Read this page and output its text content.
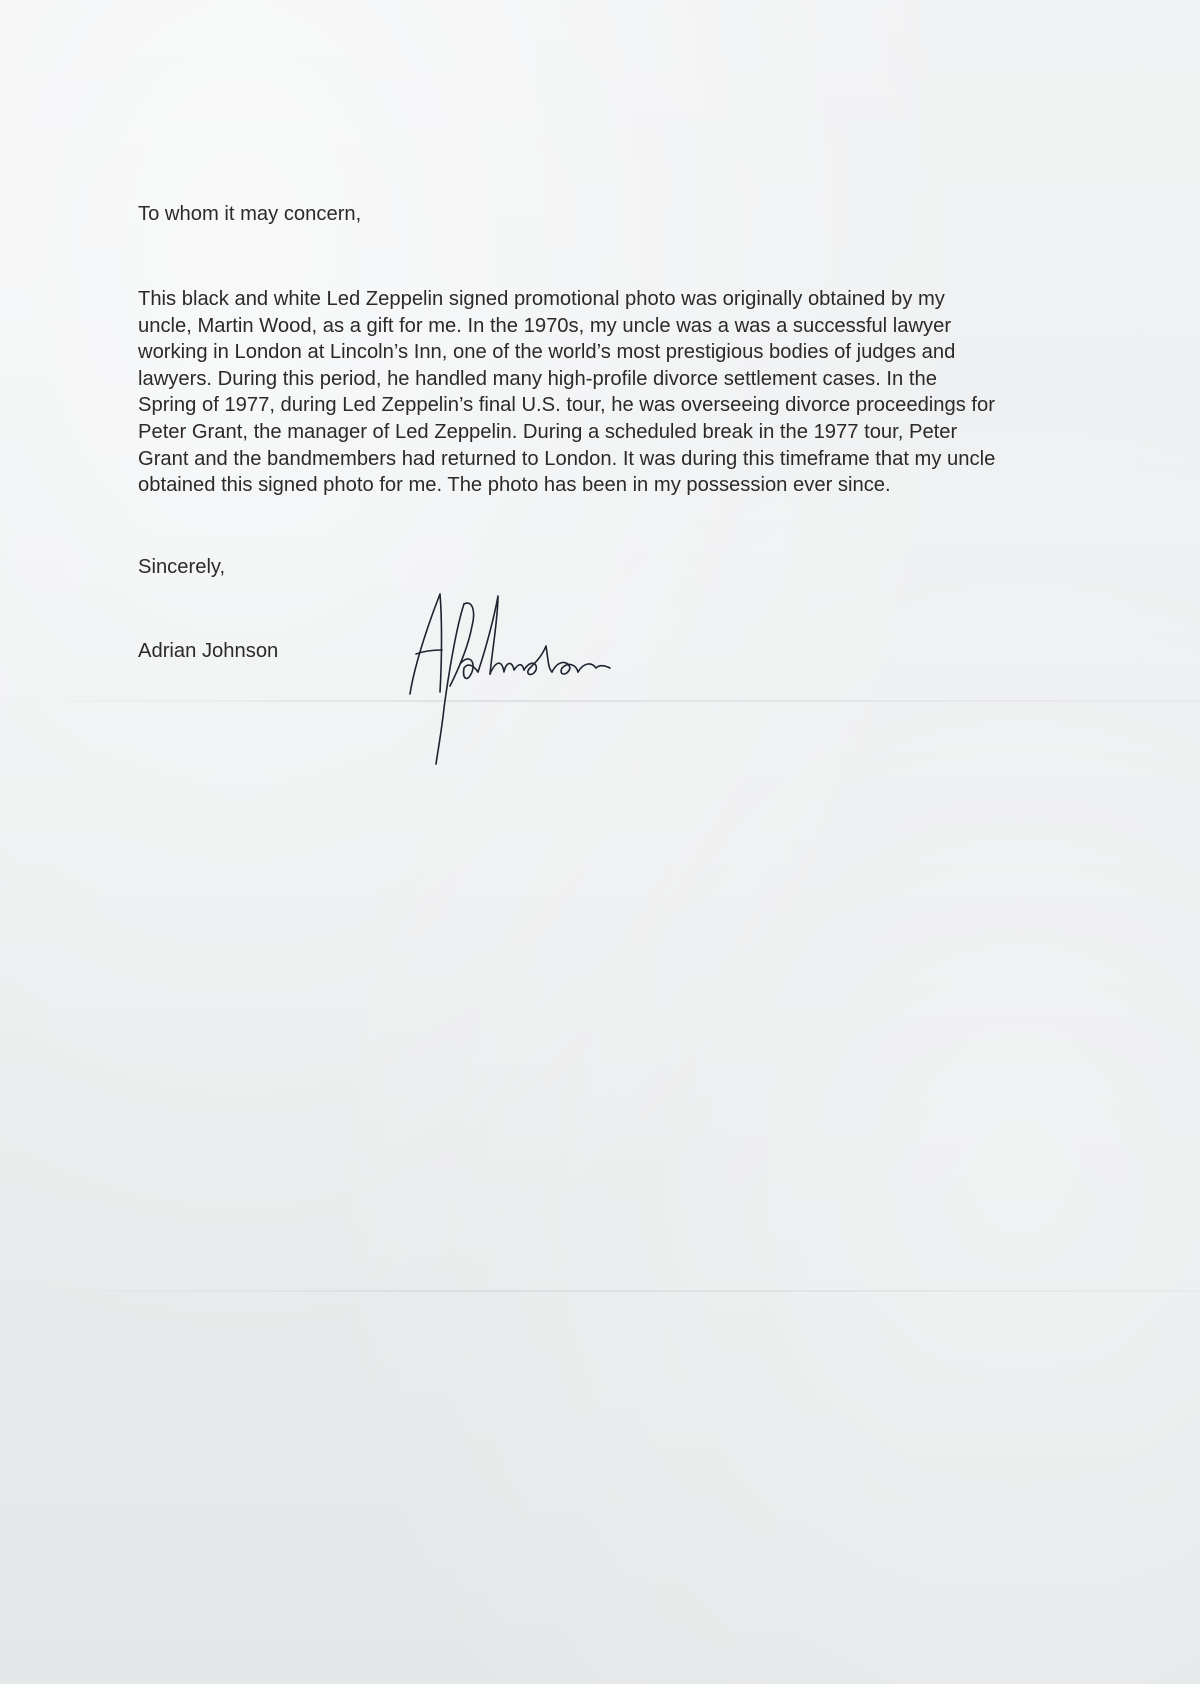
To whom it may concern,

This black and white Led Zeppelin signed promotional photo was originally obtained by my
uncle, Martin Wood, as a gift for me. In the 1970s, my uncle was a was a successful lawyer
working in London at Lincoln’s Inn, one of the world’s most prestigious bodies of judges and
lawyers. During this period, he handled many high-profile divorce settlement cases. In the
Spring of 1977, during Led Zeppelin’s final U.S. tour, he was overseeing divorce proceedings for
Peter Grant, the manager of Led Zeppelin. During a scheduled break in the 1977 tour, Peter
Grant and the bandmembers had returned to London. It was during this timeframe that my uncle
obtained this signed photo for me. The photo has been in my possession ever since.

Sincerely,

Adrian Johnson
